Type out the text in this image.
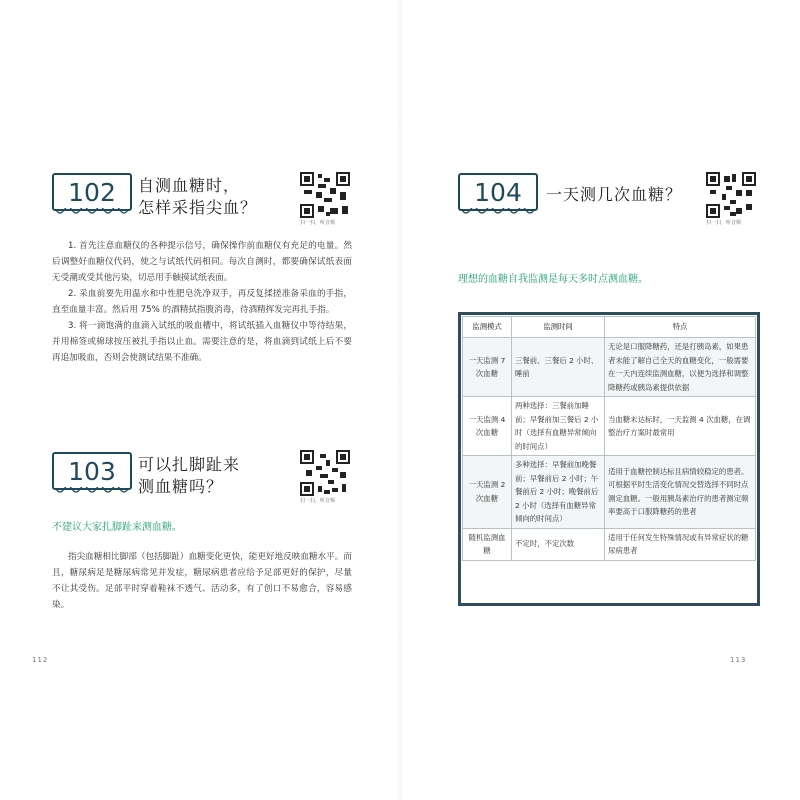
102	自测血糖时，
怎样采指尖血？
扫一扫，听音频

1. 首先注意血糖仪的各种提示信号，确保操作前血糖仪有充足的电量。然后调整好血糖仪代码，使之与试纸代码相同。每次自测时，都要确保试纸表面无受潮或受其他污染，切忌用手触摸试纸表面。

2. 采血前要先用温水和中性肥皂洗净双手，再反复揉搓准备采血的手指，直至血量丰富。然后用 75% 的酒精拭指腹消毒，待酒精挥发完再扎手指。

3. 将一滴饱满的血滴入试纸的吸血槽中，将试纸插入血糖仪中等待结果，并用棉签或棉球按压被扎手指以止血。需要注意的是，将血滴到试纸上后不要再追加吸血，否则会使测试结果不准确。

103	可以扎脚趾来
测血糖吗？
扫一扫，听音频
不建议大家扎脚趾来测血糖。

指尖血糖相比脚部（包括脚趾）血糖变化更快，能更好地反映血糖水平。而且，糖尿病足是糖尿病常见并发症，糖尿病患者应给予足部更好的保护，尽量不让其受伤。足部平时穿着鞋袜不透气、活动多，有了创口不易愈合，容易感染。

112
104	一天测几次血糖？
扫一扫，听音频
理想的血糖自我监测是每天多时点测血糖。
监测模式	监测时间	特点
一天监测 7 次血糖	三餐前、三餐后 2 小时、睡前	无论是口服降糖药，还是打胰岛素，如果患者未能了解自己全天的血糖变化，一般需要在一天内连续监测血糖，以便为选择和调整降糖药或胰岛素提供依据
一天监测 4 次血糖	两种选择：三餐前加睡前；早餐前加三餐后 2 小时（选择有血糖异常倾向的时间点）	当血糖未达标时，一天监测 4 次血糖，在调整治疗方案时最常用
一天监测 2 次血糖	多种选择：早餐前加晚餐前；早餐前后 2 小时；午餐前后 2 小时；晚餐前后 2 小时（选择有血糖异常倾向的时间点）	适用于血糖控制达标且病情较稳定的患者。可根据平时生活变化情况交替选择不同时点测定血糖。一般用胰岛素治疗的患者测定频率要高于口服降糖药的患者
随机监测血糖	不定时，不定次数	适用于任何发生特殊情况或有异常症状的糖尿病患者
113
